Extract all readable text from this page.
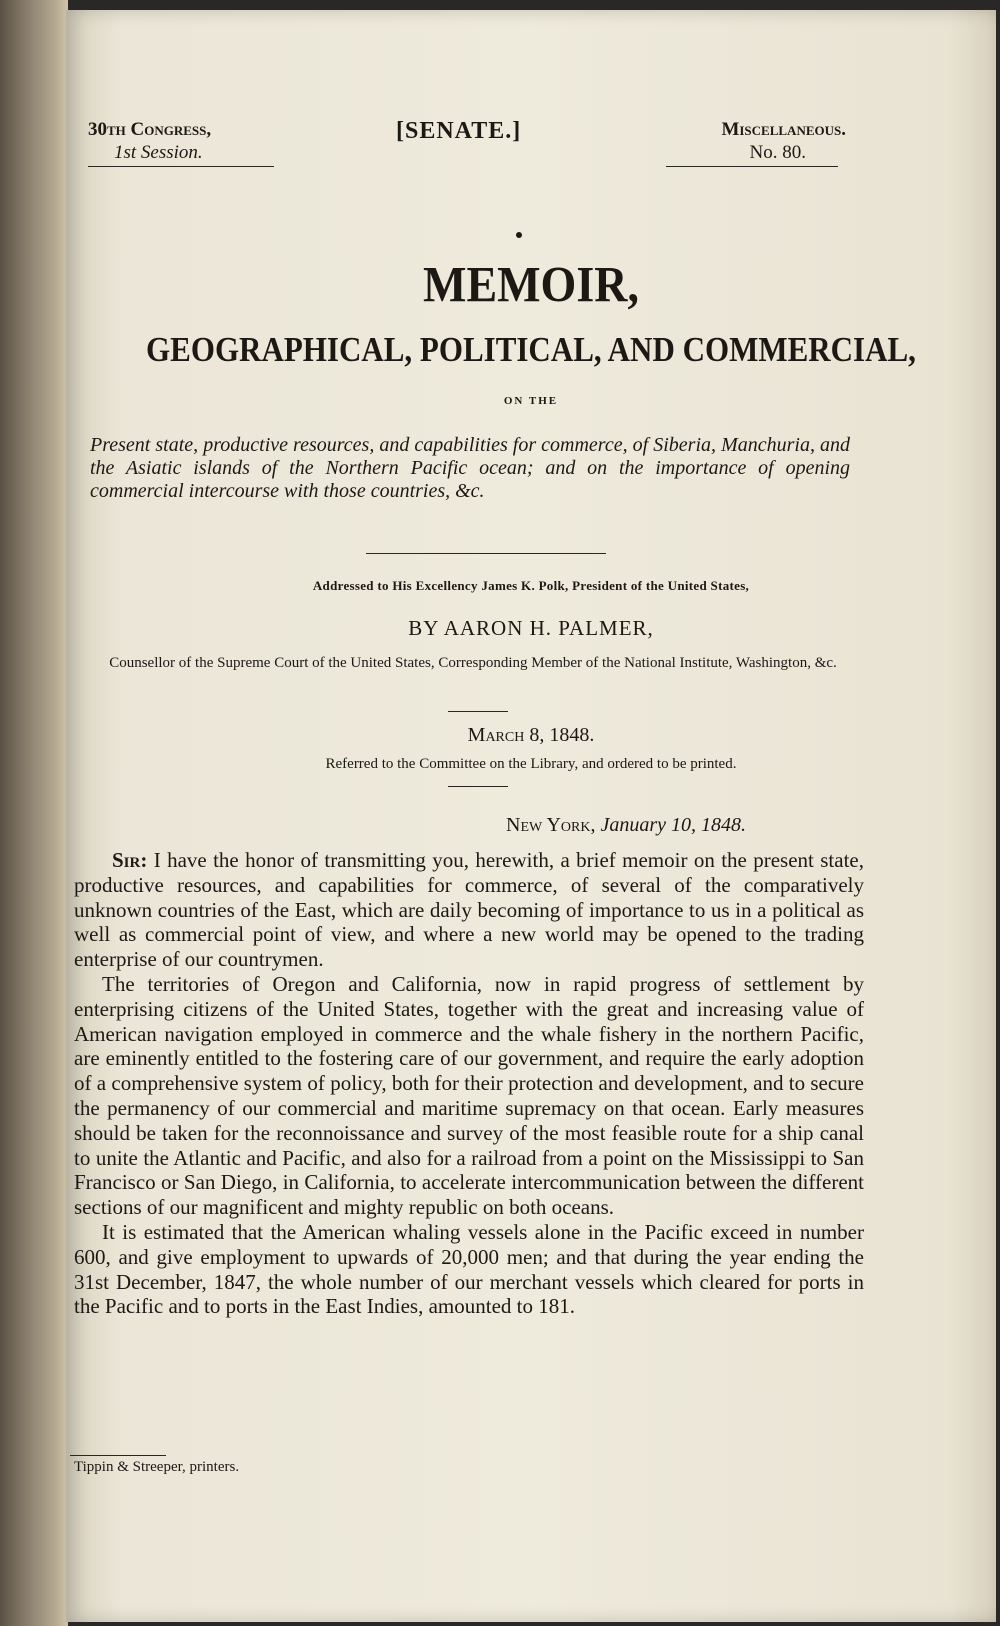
30th Congress,
1st Session.
[SENATE.]	Miscellaneous.
No. 80.
MEMOIR,
GEOGRAPHICAL, POLITICAL, AND COMMERCIAL,
ON THE
Present state, productive resources, and capabilities for commerce, of Siberia, Manchuria, and the Asiatic islands of the Northern Pacific ocean; and on the importance of opening commercial intercourse with those countries, &c.
Addressed to His Excellency James K. Polk, President of the United States,
BY AARON H. PALMER,
Counsellor of the Supreme Court of the United States, Corresponding Member of the National Institute, Washington, &c.
March 8, 1848.
Referred to the Committee on the Library, and ordered to be printed.
New York, January 10, 1848.

Sir: I have the honor of transmitting you, herewith, a brief memoir on the present state, productive resources, and capabilities for commerce, of several of the comparatively unknown countries of the East, which are daily becoming of importance to us in a political as well as commercial point of view, and where a new world may be opened to the trading enterprise of our countrymen.

The territories of Oregon and California, now in rapid progress of settlement by enterprising citizens of the United States, together with the great and increasing value of American navigation employed in commerce and the whale fishery in the northern Pacific, are eminently entitled to the fostering care of our government, and require the early adoption of a comprehensive system of policy, both for their protection and development, and to secure the permanency of our commercial and maritime supremacy on that ocean. Early measures should be taken for the reconnoissance and survey of the most feasible route for a ship canal to unite the Atlantic and Pacific, and also for a railroad from a point on the Mississippi to San Francisco or San Diego, in California, to accelerate intercommunication between the different sections of our magnificent and mighty republic on both oceans.

It is estimated that the American whaling vessels alone in the Pacific exceed in number 600, and give employment to upwards of 20,000 men; and that during the year ending the 31st December, 1847, the whole number of our merchant vessels which cleared for ports in the Pacific and to ports in the East Indies, amounted to 181.

Tippin & Streeper, printers.
